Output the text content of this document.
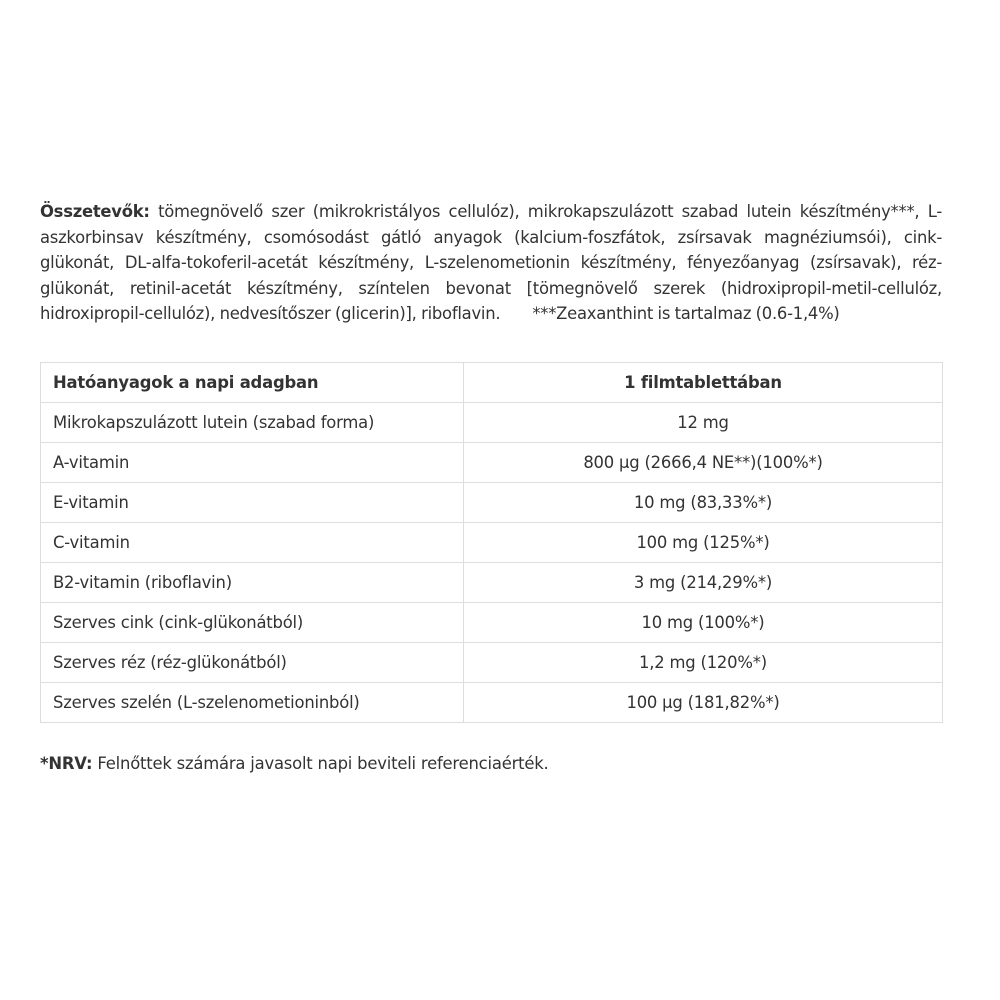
Összetevők: tömegnövelő szer (mikrokristályos cellulóz), mikrokapszulázott szabad lutein készítmény***, L-aszkorbinsav készítmény, csomósodást gátló anyagok (kalcium-foszfátok, zsírsavak magnéziumsói), cink-glükonát, DL-alfa-tokoferil-acetát készítmény, L-szelenometionin készítmény, fényezőanyag (zsírsavak), réz-glükonát, retinil-acetát készítmény, színtelen bevonat [tömegnövelő szerek (hidroxipropil-metil-cellulóz, hidroxipropil-cellulóz), nedvesítőszer (glicerin)], riboflavin. ***Zeaxanthint is tartalmaz (0.6-1,4%)
Hatóanyagok a napi adagban	1 filmtablettában
Mikrokapszulázott lutein (szabad forma)	12 mg
A-vitamin	800 µg (2666,4 NE**)(100%*)
E-vitamin	10 mg (83,33%*)
C-vitamin	100 mg (125%*)
B2-vitamin (riboflavin)	3 mg (214,29%*)
Szerves cink (cink-glükonátból)	10 mg (100%*)
Szerves réz (réz-glükonátból)	1,2 mg (120%*)
Szerves szelén (L-szelenometioninból)	100 µg (181,82%*)
*NRV: Felnőttek számára javasolt napi beviteli referenciaérték.
